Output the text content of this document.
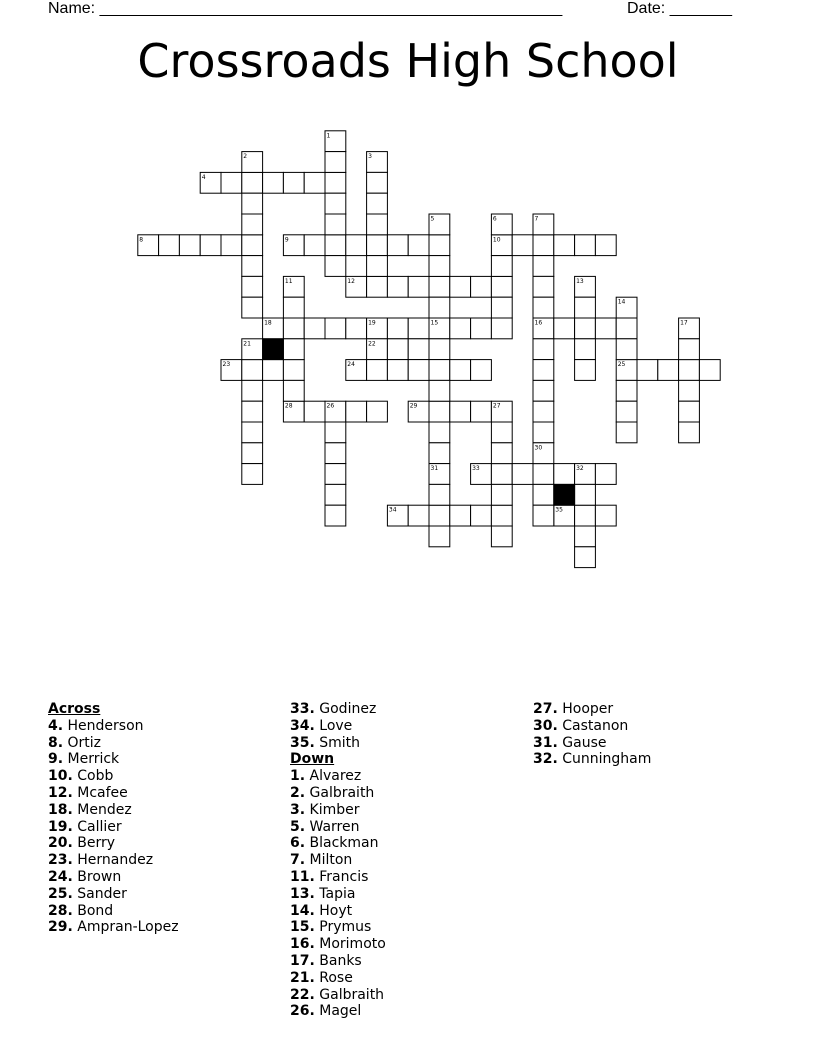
Name: ____________________________________________________	Date: _______
Crossroads High School
4
8	9	10
12
18	19	16
22
23	24	25
28	29
33
34	35
1
2	3
5	6	7
11	13
14
15	17
21
26	27
30
31	32
Across
4. Henderson
8. Ortiz
9. Merrick
10. Cobb
12. Mcafee
18. Mendez
19. Callier
20. Berry
23. Hernandez
24. Brown
25. Sander
28. Bond
29. Ampran-Lopez
33. Godinez
34. Love
35. Smith
Down
1. Alvarez
2. Galbraith
3. Kimber
5. Warren
6. Blackman
7. Milton
11. Francis
13. Tapia
14. Hoyt
15. Prymus
16. Morimoto
17. Banks
21. Rose
22. Galbraith
26. Magel
27. Hooper
30. Castanon
31. Gause
32. Cunningham
